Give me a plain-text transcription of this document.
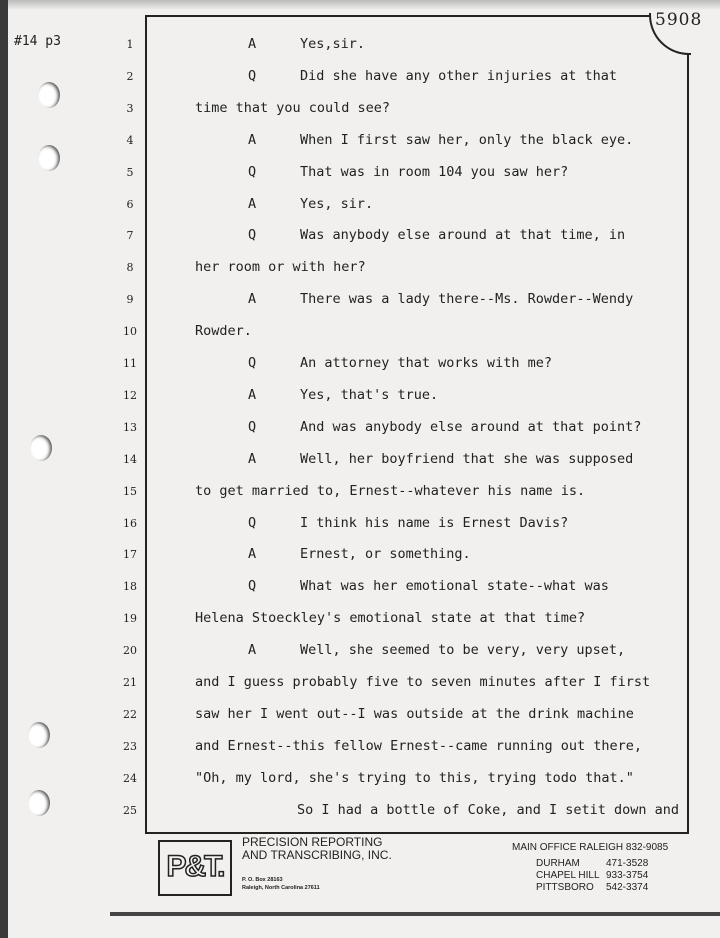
5908
#14 p3	1	A	Yes,sir.
2	Q	Did she have any other injuries at that
3	time that you could see?
4	A	When I first saw her, only the black eye.
5	Q	That was in room 104 you saw her?
6	A	Yes, sir.
7	Q	Was anybody else around at that time, in
8	her room or with her?
9	A	There was a lady there--Ms. Rowder--Wendy
10	Rowder.
11	Q	An attorney that works with me?
12	A	Yes, that's true.
13	Q	And was anybody else around at that point?
14	A	Well, her boyfriend that she was supposed
15	to get married to, Ernest--whatever his name is.
16	Q	I think his name is Ernest Davis?
17	A	Ernest, or something.
18	Q	What was her emotional state--what was
19	Helena Stoeckley's emotional state at that time?
20	A	Well, she seemed to be very, very upset,
21	and I guess probably five to seven minutes after I first
22	saw her I went out--I was outside at the drink machine
23	and Ernest--this fellow Ernest--came running out there,
24	"Oh, my lord, she's trying to this, trying todo that."
25	So I had a bottle of Coke, and I setit down and
P&T.
PRECISION REPORTING
AND TRANSCRIBING, INC.
P. O. Box 28163
Raleigh, North Carolina 27611
MAIN OFFICE RALEIGH 832-9085
DURHAM	471-3528
CHAPEL HILL 933-3754
PITTSBORO	542-3374
